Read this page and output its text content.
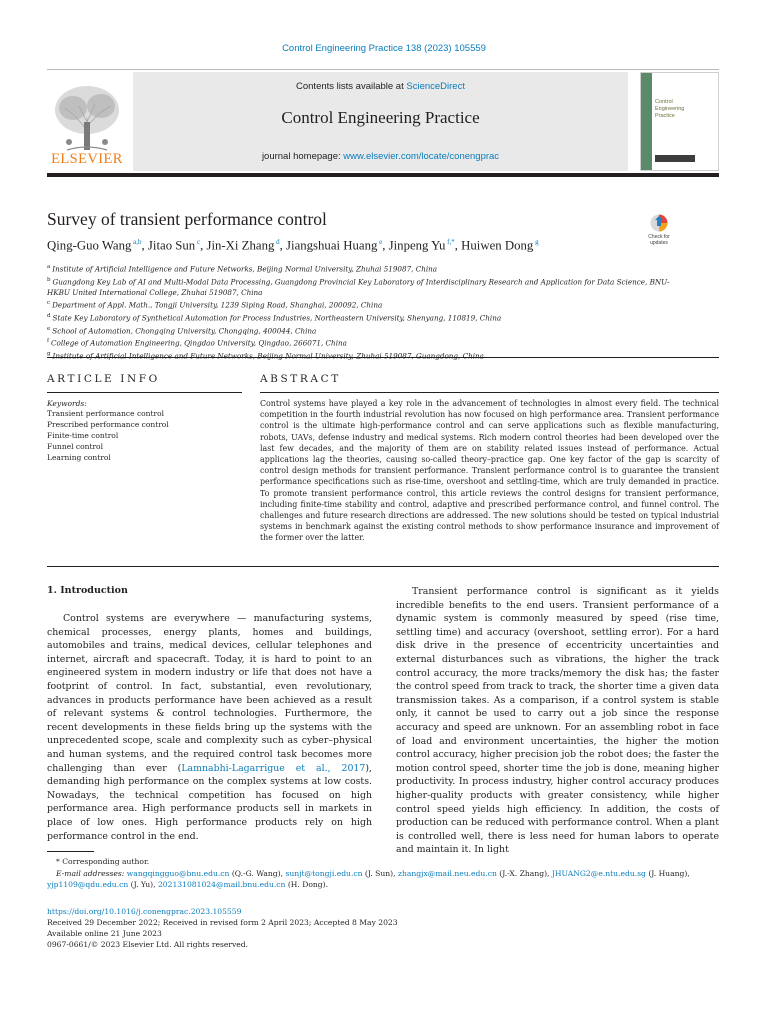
Control Engineering Practice 138 (2023) 105559
ELSEVIER
Contents lists available at ScienceDirect
Control Engineering Practice
journal homepage: www.elsevier.com/locate/conengprac
Control
Engineering
Practice
Survey of transient performance control
Check for
updates
Qing-Guo Wang $^{a,b}$, Jitao Sun $^c$, Jin-Xi Zhang $^d$, Jiangshuai Huang $^e$, Jinpeng Yu $^{f,*}$, Huiwen Dong $^g$
$^a$ Institute of Artificial Intelligence and Future Networks, Beijing Normal University, Zhuhai 519087, China
$^b$ Guangdong Key Lab of AI and Multi-Modal Data Processing, Guangdong Provincial Key Laboratory of Interdisciplinary Research and Application for Data Science, BNU-HKBU United International College, Zhuhai 519087, China
$^c$ Department of Appl. Math., Tongji University, 1239 Siping Road, Shanghai, 200092, China
$^d$ State Key Laboratory of Synthetical Automation for Process Industries, Northeastern University, Shenyang, 110819, China
$^e$ School of Automation, Chongqing University, Chongqing, 400044, China
$^f$ College of Automation Engineering, Qingdao University, Qingdao, 266071, China
$^g$
ARTICLE INFO
Keywords:
Transient performance control
Prescribed performance control
Finite-time control
Funnel control
Learning control
ABSTRACT
Control systems have played a key role in the advancement of technologies in almost every field. The technical competition in the fourth industrial revolution has now focused on high performance area. Transient performance control is the ultimate high-performance control and can serve applications such as flexible manufacturing, robots, UAVs, defense industry and medical systems. Rich modern control theories had been developed over the last few decades, and the majority of them are on stability related issues instead of performance. Actual applications lag the theories, causing so-called theory–practice gap. One key factor of the gap is scarcity of control design methods for transient performance. Transient performance control is to guarantee the transient performance specifications such as rise-time, overshoot and settling-time, which are truly demanded in practice. To promote transient performance control, this article reviews the control designs for transient performance, including finite-time stability and control, adaptive and prescribed performance control, and funnel control. The challenges and future research directions are addressed. The new solutions should be tested on typical industrial systems in benchmark against the existing control methods to show performance insurance and improvement of the former over the latter.
1. Introduction
Control systems are everywhere — manufacturing systems, chemical processes, energy plants, homes and buildings, automobiles and trains, medical devices, cellular telephones and internet, aircraft and spacecraft. Today, it is hard to point to an engineered system in modern industry or life that does not have a footprint of control. In fact, substantial, even revolutionary, advances in products performance have been achieved as a result of relevant systems & control technologies. Furthermore, the recent developments in these fields bring up the systems with the unprecedented scope, scale and complexity such as cyber–physical and human systems, and the required control task becomes more challenging than ever (Lamnabhi-Lagarrigue et al., 2017), demanding high performance on the complex systems at low costs. Nowadays, the technical competition has focused on high performance area. High performance products sell in markets in place of low ones. High performance products rely on high performance control in the end.
Transient performance control is significant as it yields incredible benefits to the end users. Transient performance of a dynamic system is commonly measured by speed (rise time, settling time) and accuracy (overshoot, settling error). For a hard disk drive in the presence of eccentricity uncertainties and external disturbances such as vibrations, the higher the track control accuracy, the more tracks/memory the disk has; the faster the control speed from track to track, the shorter time a given data transmission takes. As a comparison, if a control system is stable only, it cannot be used to carry out a job since the response accuracy and speed are unknown. For an assembling robot in face of load and environment uncertainties, the higher the motion control accuracy, higher precision job the robot does; the faster the motion control speed, shorter time the job is done, meaning higher productivity. In process industry, higher control accuracy produces higher-quality products with greater consistency, while higher control speed yields high efficiency. In addition, the costs of production can be reduced with performance control. When a plant is controlled well, there is less need for human labors to operate and maintain it. In light
* Corresponding author.
E-mail addresses: wangqingguo@bnu.edu.cn (Q.-G. Wang), sunjt@tongji.edu.cn (J. Sun), zhangjx@mail.neu.edu.cn (J.-X. Zhang), JHUANG2@e.ntu.edu.sg (J. Huang), yjp1109@qdu.edu.cn (J. Yu), 202131081024@mail.bnu.edu.cn (H. Dong).
https://doi.org/10.1016/j.conengprac.2023.105559
Received 29 December 2022; Received in revised form 2 April 2023; Accepted 8 May 2023
Available online 21 June 2023
0967-0661/© 2023 Elsevier Ltd. All rights reserved.
